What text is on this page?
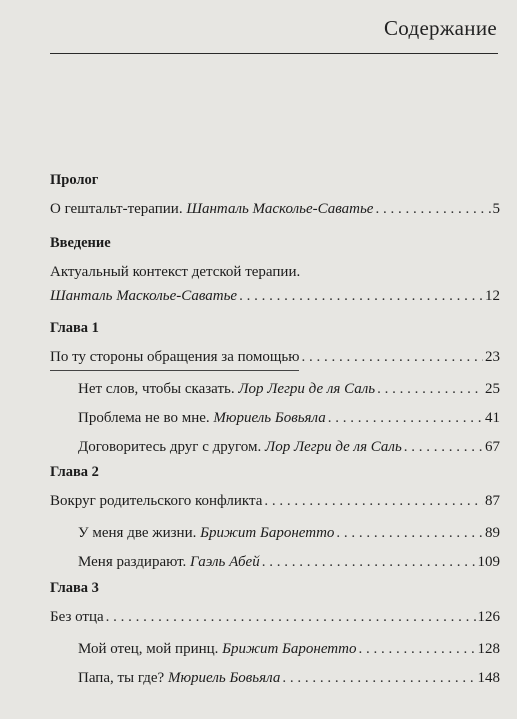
Содержание
Пролог
О гештальт-терапии. Шанталь Масколье-Саватье . . .	5
Введение
Актуальный контекст детской терапии.
Шанталь Масколье-Саватье . . .	12
Глава 1
По ту стороны обращения за помощью . . .	23
Нет слов, чтобы сказать. Лор Легри де ля Саль . . .	25
Проблема не во мне. Мюриель Бовьяла . . .	41
Договоритесь друг с другом. Лор Легри де ля Саль . . .	67
Глава 2
Вокруг родительского конфликта . . .	87
У меня две жизни. Брижит Баронетто . . .	89
Меня раздирают. Гаэль Абей . . .	109
Глава 3
Без отца . . .	126
Мой отец, мой принц. Брижит Баронетто . . .	128
Папа, ты где? Мюриель Бовьяла . . .	148
